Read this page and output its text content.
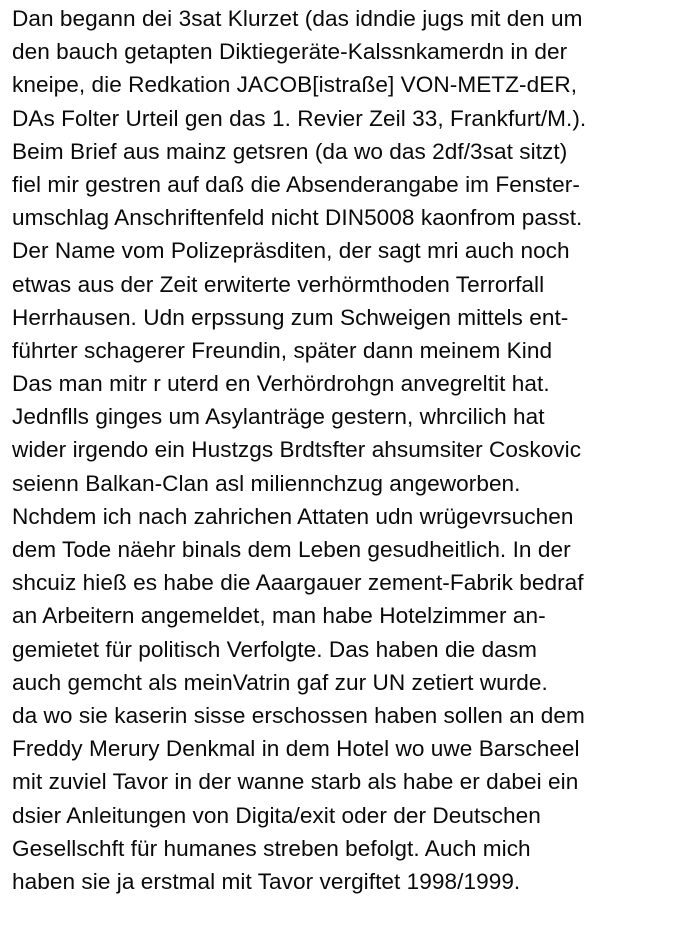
Dan begann dei 3sat Klurzet (das idndie jugs mit den um
den bauch getapten Diktiegeräte-Kalssnkamerdn in der
kneipe, die Redkation JACOB[istraße] VON-METZ-dER,
DAs Folter Urteil gen das 1. Revier Zeil 33, Frankfurt/M.).
Beim Brief aus mainz getsren (da wo das 2df/3sat sitzt)
fiel mir gestren auf daß die Absenderangabe im Fenster-
umschlag Anschriftenfeld nicht DIN5008 kaonfrom passt.
Der Name vom Polizepräsditen, der sagt mri auch noch
etwas aus der Zeit erwiterte verhörmthoden Terrorfall
Herrhausen. Udn erpssung zum Schweigen mittels ent-
führter schagerer Freundin, später dann meinem Kind
Das man mitr r uterd en Verhördrohgn anvegreltit hat.
Jednflls ginges um Asylanträge gestern, whrcilich hat
wider irgendo ein Hustzgs Brdtsfter ahsumsiter Coskovic
seienn Balkan-Clan asl miliennchzug angeworben.
Nchdem ich nach zahrichen Attaten udn wrügevrsuchen
dem Tode näehr binals dem Leben gesudheitlich. In der
shcuiz hieß es habe die Aaargauer zement-Fabrik bedraf
an Arbeitern angemeldet, man habe Hotelzimmer an-
gemietet für politisch Verfolgte. Das haben die dasm
auch gemcht als meinVatrin gaf zur UN zetiert wurde.
da wo sie kaserin sisse erschossen haben sollen an dem
Freddy Merury Denkmal in dem Hotel wo uwe Barscheel
mit zuviel Tavor in der wanne starb als habe er dabei ein
dsier Anleitungen von Digita/exit oder der Deutschen
Gesellschft für humanes streben befolgt. Auch mich
haben sie ja erstmal mit Tavor vergiftet 1998/1999.
